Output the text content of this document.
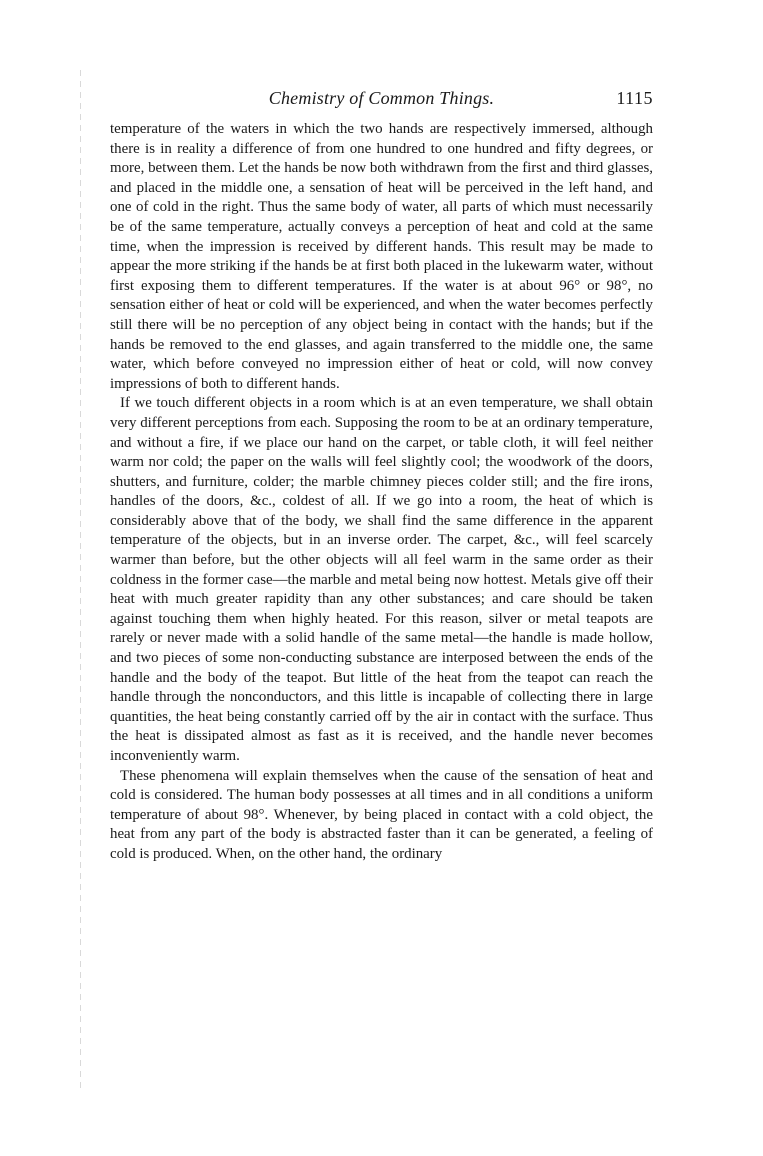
Chemistry of Common Things.	1115

temperature of the waters in which the two hands are respectively immersed, although there is in reality a difference of from one hundred to one hundred and fifty degrees, or more, between them. Let the hands be now both withdrawn from the first and third glasses, and placed in the middle one, a sensation of heat will be perceived in the left hand, and one of cold in the right. Thus the same body of water, all parts of which must necessarily be of the same temperature, actually conveys a perception of heat and cold at the same time, when the impression is received by different hands. This result may be made to appear the more striking if the hands be at first both placed in the lukewarm water, without first exposing them to different temperatures. If the water is at about 96° or 98°, no sensation either of heat or cold will be experienced, and when the water becomes perfectly still there will be no perception of any object being in contact with the hands; but if the hands be removed to the end glasses, and again transferred to the middle one, the same water, which before conveyed no impression either of heat or cold, will now convey impressions of both to different hands.

If we touch different objects in a room which is at an even temperature, we shall obtain very different perceptions from each. Supposing the room to be at an ordinary temperature, and without a fire, if we place our hand on the carpet, or table cloth, it will feel neither warm nor cold; the paper on the walls will feel slightly cool; the woodwork of the doors, shutters, and furniture, colder; the marble chimney pieces colder still; and the fire irons, handles of the doors, &c., coldest of all. If we go into a room, the heat of which is considerably above that of the body, we shall find the same difference in the apparent temperature of the objects, but in an inverse order. The carpet, &c., will feel scarcely warmer than before, but the other objects will all feel warm in the same order as their coldness in the former case—the marble and metal being now hottest. Metals give off their heat with much greater rapidity than any other substances; and care should be taken against touching them when highly heated. For this reason, silver or metal teapots are rarely or never made with a solid handle of the same metal—the handle is made hollow, and two pieces of some non-conducting substance are interposed between the ends of the handle and the body of the teapot. But little of the heat from the teapot can reach the handle through the nonconductors, and this little is incapable of collecting there in large quantities, the heat being constantly carried off by the air in contact with the surface. Thus the heat is dissipated almost as fast as it is received, and the handle never becomes inconveniently warm.

These phenomena will explain themselves when the cause of the sensation of heat and cold is considered. The human body possesses at all times and in all conditions a uniform temperature of about 98°. Whenever, by being placed in contact with a cold object, the heat from any part of the body is abstracted faster than it can be generated, a feeling of cold is produced. When, on the other hand, the ordinary
